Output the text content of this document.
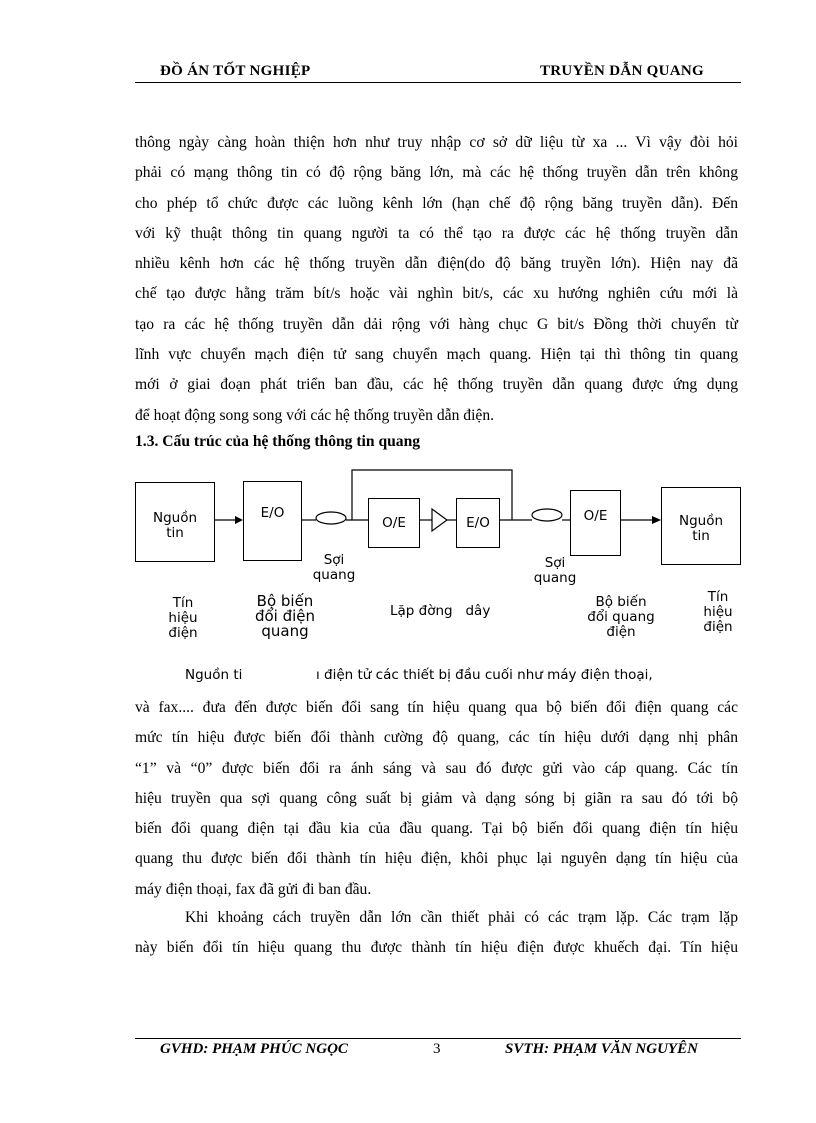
ĐỒ ÁN TỐT NGHIỆP	TRUYỀN DẪN QUANG
thông ngày càng hoàn thiện hơn như truy nhập cơ sở dữ liệu từ xa ... Vì vậy đòi hỏi
phải có mạng thông tin có độ rộng băng lớn, mà các hệ thống truyền dẫn trên không
cho phép tổ chức được các luồng kênh lớn (hạn chế độ rộng băng truyền dẫn). Đến
với kỹ thuật thông tin quang người ta có thể tạo ra được các hệ thống truyền dẫn
nhiều kênh hơn các hệ thống truyền dẫn điện(do độ băng truyền lớn). Hiện nay đã
chế tạo được hằng trăm bít/s hoặc vài nghìn bit/s, các xu hướng nghiên cứu mới là
tạo ra các hệ thống truyền dẫn dải rộng với hàng chục G bit/s Đồng thời chuyển từ
lĩnh vực chuyển mạch điện tử sang chuyển mạch quang. Hiện tại thì thông tin quang
mới ở giai đoạn phát triển ban đầu, các hệ thống truyền dẫn quang được ứng dụng
để hoạt động song song với các hệ thống truyền dẫn điện.
1.3. Cấu trúc của hệ thống thông tin quang
Nguồn tin
E/O
O/E	E/O	O/E	Nguồn tin
Sợi quang
Sợi quang
Tín hiệu điện
Bộ biến đổi điện quang
Lặp đờng   dây
Bộ biến đổi quang điện
Tín hiệu điện
Nguồn ti	ı điện tử các thiết bị đầu cuối như máy điện thoại,
và fax.... đưa đến được biến đổi sang tín hiệu quang qua bộ biến đổi điện quang các
mức tín hiệu được biến đổi thành cường độ quang, các tín hiệu dưới dạng nhị phân
“1” và “0” được biến đổi ra ánh sáng và sau đó được gửi vào cáp quang. Các tín
hiệu truyền qua sợi quang công suất bị giảm và dạng sóng bị giãn ra sau đó tới bộ
biến đổi quang điện tại đầu kia của đầu quang. Tại bộ biến đổi quang điện tín hiệu
quang thu được biến đổi thành tín hiệu điện, khôi phục lại nguyên dạng tín hiệu của
máy điện thoại, fax đã gửi đi ban đầu.
Khi khoảng cách truyền dẫn lớn cần thiết phải có các trạm lặp. Các trạm lặp
này biến đổi tín hiệu quang thu được thành tín hiệu điện được khuếch đại. Tín hiệu
GVHD: PHẠM PHÚC NGỌC	3	SVTH: PHẠM VĂN NGUYÊN
